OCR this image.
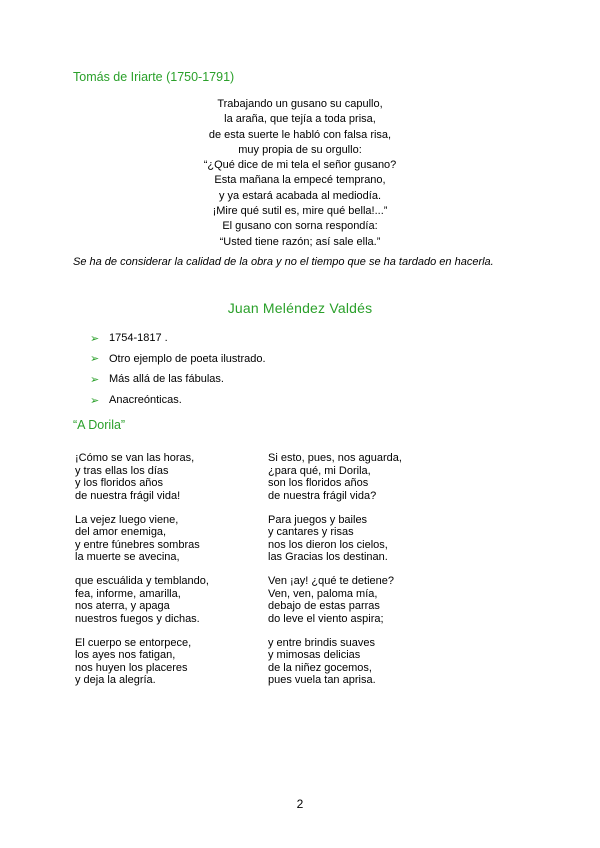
Tomás de Iriarte (1750-1791)
Trabajando un gusano su capullo,
la araña, que tejía a toda prisa,
de esta suerte le habló con falsa risa,
muy propia de su orgullo:
“¿Qué dice de mi tela el señor gusano?
Esta mañana la empecé temprano,
y ya estará acabada al mediodía.
¡Mire qué sutil es, mire qué bella!...”
El gusano con sorna respondía:
“Usted tiene razón; así sale ella.”
Se ha de considerar la calidad de la obra y no el tiempo que se ha tardado en hacerla.
Juan Meléndez Valdés
➢ 1754-1817 .
➢ Otro ejemplo de poeta ilustrado.
➢ Más allá de las fábulas.
➢ Anacreónticas.
“A Dorila”
¡Cómo se van las horas,
y tras ellas los días
y los floridos años
de nuestra frágil vida!
La vejez luego viene,
del amor enemiga,
y entre fúnebres sombras
la muerte se avecina,
que escuálida y temblando,
fea, informe, amarilla,
nos aterra, y apaga
nuestros fuegos y dichas.
El cuerpo se entorpece,
los ayes nos fatigan,
nos huyen los placeres
y deja la alegría.
Si esto, pues, nos aguarda,
¿para qué, mi Dorila,
son los floridos años
de nuestra frágil vida?
Para juegos y bailes
y cantares y risas
nos los dieron los cielos,
las Gracias los destinan.
Ven ¡ay! ¿qué te detiene?
Ven, ven, paloma mía,
debajo de estas parras
do leve el viento aspira;
y entre brindis suaves
y mimosas delicias
de la niñez gocemos,
pues vuela tan aprisa.
2
